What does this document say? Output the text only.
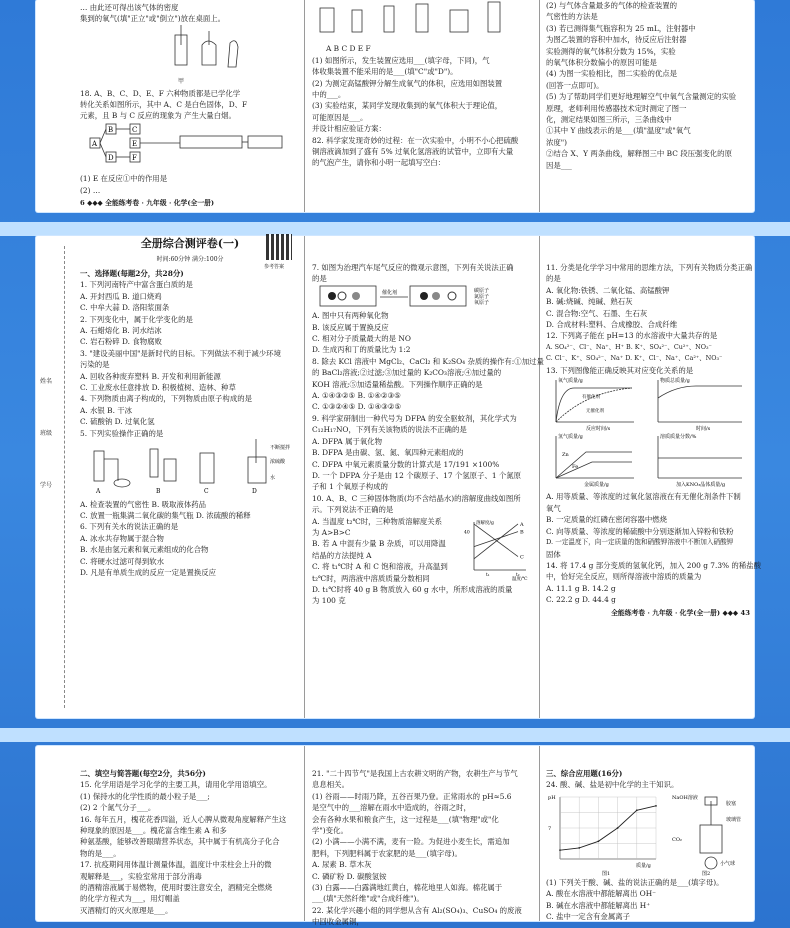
… 由此还可得出该气体的密度
集到的氧气(填"正立"或"倒立")放在桌面上。
甲
18. A、B、C、D、E、F 六种物质都是已学化学
转化关系如图所示，其中 A、C 是白色固体，D、F
元素，且 B 与 C 反应的现象为 产生大量白烟。
A
B
D
C
E
F
(1) E 在反应①中的作用是
(2) …
6 ◆◆◆ 全能练考卷 · 九年级 · 化学(全一册)
A B C D E F
(1) 如图所示，发生装置应选用___(填字母，下同)，气
体收集装置不能采用的是___(填"C"或"D")。
(2) 为测定高锰酸钾分解生成氧气的体积，应选用如图装置
中的___。
(3) 实验结束，某同学发现收集到的氧气体积大于理论值，
可能原因是___。
并设计相应验证方案：
82. 科学家发现奇妙的过程：在一次实验中，小明不小心把硫酸
铜溶液滴加到了盛有 5% 过氧化氢溶液的试管中，立即有大量
的气泡产生，请你和小明一起填写空白：
(2) 与气体含量最多的气体的检查装置的
气密性的方法是
(3) 若已测得集气瓶容积为 25 mL，注射器中
为图乙装置的容积中加水，待反应后注射器
实验测得的氧气体积分数为 15%，实验
的氧气体积分数偏小的原因可能是
(4) 为图一实验相比，图二实验的优点是
(回答一点即可)。
(5) 为了帮助同学们更好地理解空气中氧气含量测定的实验
原理，老师利用传感器技术定时测定了图一
化，测定结果如图三所示，三条曲线中
①其中 Y 曲线表示的是___(填"温度"或"氧气
浓度")
②结合 X、Y 两条曲线，解释图三中 BC 段压强变化的原
因是___
姓名
班级
学号
全册综合测评卷(一)
时间:60分钟 满分:100分
参考答案
一、选择题(每题2分，共28分)
1. 下列河南特产中富含蛋白质的是
A. 开封西瓜 B. 道口烧鸡
C. 中牟大蒜 D. 洛阳浆面条
2. 下列变化中，属于化学变化的是
A. 石蜡熔化 B. 河水结冰
C. 岩石粉碎 D. 食物腐败
3. "建设美丽中国"是新时代的目标。下列做法不利于减少环境
污染的是
A. 回收各种废弃塑料 B. 开发和利用新能源
C. 工业废水任意排放 D. 积极植树、造林、种草
4. 下列物质由离子构成的，下列物质由原子构成的是
A. 水银 B. 干冰
C. 硫酸钠 D. 过氧化氢
5. 下列实验操作正确的是
不断搅拌
浓硫酸
水
A	B	C	D
A. 检查装置的气密性 B. 吸取液体药品
C. 放置一瓶集满二氧化碳的集气瓶 D. 浓硫酸的稀释
6. 下列有关水的说法正确的是
A. 冰水共存物属于混合物
B. 水是由氢元素和氧元素组成的化合物
C. 将硬水过滤可得到软水
D. 凡是有单质生成的反应一定是置换反应
7. 如图为治理汽车尾气反应的微观示意图，下列有关说法正确
的是
催化剂	碳原子
氮原子
氧原子
A. 图中只有两种氧化物
B. 该反应属于置换反应
C. 相对分子质量最大的是 NO
D. 生成丙和丁的质量比为 1:2
8. 除去 KCl 溶液中 MgCl₂、CaCl₂ 和 K₂SO₄ 杂质的操作有:①加过量
的 BaCl₂溶液;②过滤;③加过量的 K₂CO₃溶液;④加过量的
KOH 溶液;⑤加适量稀盐酸。下列操作顺序正确的是
A. ①④③②⑤ B. ①④②③⑤
C. ①③②④⑤ D. ①④③②⑤
9. 科学家研制出一种代号为 DFPA 的安全驱蚊剂，其化学式为
C₁₂H₁₇NO，下列有关该物质的说法不正确的是
A. DFPA 属于氧化物
B. DFPA 是由碳、氢、氮、氧四种元素组成的
C. DFPA 中氧元素质量分数的计算式是 17/191 ×100%
D. 一个 DFPA 分子是由 12 个碳原子、17 个氢原子、1 个氮原
子和 1 个氧原子构成的
10. A、B、C 三种固体物质(均不含结晶水)的溶解度曲线如图所
示。下列说法不正确的是
A. 当温度 t₂℃时，三种物质溶解度关系
为 A>B>C
B. 若 A 中混有少量 B 杂质，可以用降温
结晶的方法提纯 A
C. 将 t₁℃时 A 和 C 饱和溶液，升高温到
t₂℃时，两溶液中溶质质量分数相同
溶解度/g
温度/℃
t₁	t₂
40
A
B
C
D. t₁℃时将 40 g B 物质放入 60 g 水中，所形成溶液的质量
为 100 克
11. 分类是化学学习中常用的思维方法，下列有关物质分类正确
的是
A. 氧化物:铁锈、二氧化锰、高锰酸钾
B. 碱:烧碱、纯碱、熟石灰
C. 混合物:空气、石墨、生石灰
D. 合成材料:塑料、合成橡胶、合成纤维
12. 下列离子能在 pH=13 的水溶液中大量共存的是
A. SO₄²⁻、Cl⁻、Na⁺、H⁺ B. K⁺、SO₄²⁻、Cu²⁺、NO₃⁻
C. Cl⁻、K⁺、SO₄²⁻、Na⁺ D. K⁺、Cl⁻、Na⁺、Ca²⁺、NO₃⁻
13. 下列图像能正确反映其对应变化关系的是
氧气质量/g
有催化剂
无催化剂
反应时间/s
物质总质量/g
时间/s
氢气质量/g
Zn
Fe
金属质量/g
溶质质量分数/%
加入KNO₃晶体质量/g
A. 用等质量、等浓度的过氧化氢溶液在有无催化剂条件下制
氧气
B. 一定质量的红磷在密闭容器中燃烧
C. 向等质量、等浓度的稀硫酸中分别逐渐加入锌粉和铁粉
D. 一定温度下，向一定质量的饱和硝酸钾溶液中不断加入硝酸钾
固体
14. 将 17.4 g 部分变质的氢氧化钙，加入 200 g 7.3% 的稀盐酸
中，恰好完全反应，则所得溶液中溶质的质量为
A. 11.1 g B. 14.2 g
C. 22.2 g D. 44.4 g
全能练考卷 · 九年级 · 化学(全一册) ◆◆◆ 43
二、填空与简答题(每空2分，共56分)
15. 化学用语是学习化学的主要工具，请用化学用语填空。
(1) 保持水的化学性质的最小粒子是___;
(2) 2 个氮气分子___。
16. 每年五月，槐花花香四溢，近人心脾从微观角度解释产生这
种现象的原因是___。槐花富含维生素 A 和多
种氨基酸，能够改善眼睛营养状态，其中属于有机高分子化合
物的是___。
17. 抗疫期间用体温计测量体温，温度计中汞柱会上升的微
观解释是___，实验室常用于部分消毒
的酒精溶液属于易燃物，使用时要注意安全，酒精完全燃烧
的化学方程式为___，用灯帽盖
灭酒精灯的灭火原理是___。
21. "二十四节气"是我国上古农耕文明的产物，农耕生产与节气
息息相关。
(1) 谷雨——时雨乃降，五谷百果乃登。正常雨水的 pH≈5.6
是空气中的___溶解在雨水中造成的，谷雨之时，
会有各种水果和粮食产生，这一过程是___(填"物理"或"化
学")变化。
(2) 小满——小满不满，麦有一险。为促进小麦生长，需追加
肥料，下列肥料属于农家肥的是___(填字母)。
A. 尿素 B. 草木灰
C. 磷矿粉 D. 碳酸氢铵
(3) 白露——白露满地红黄白，棉花地里人如海。棉花属于
___(填"天然纤维"或"合成纤维")。
22. 某化学兴趣小组的同学想从含有 Al₂(SO₄)₃、CuSO₄ 的废液
中回收金属铜，
三、综合应用题(16分)
24. 酸、碱、盐是初中化学的主干知识。
7
pH
质量/g
图1
NaOH溶液
CO₂
胶塞
小气球
玻璃管
图2
(1) 下列关于酸、碱、盐的说法正确的是___(填字母)。
A. 酸在水溶液中都能解离出 OH⁻
B. 碱在水溶液中都能解离出 H⁺
C. 盐中一定含有金属离子
